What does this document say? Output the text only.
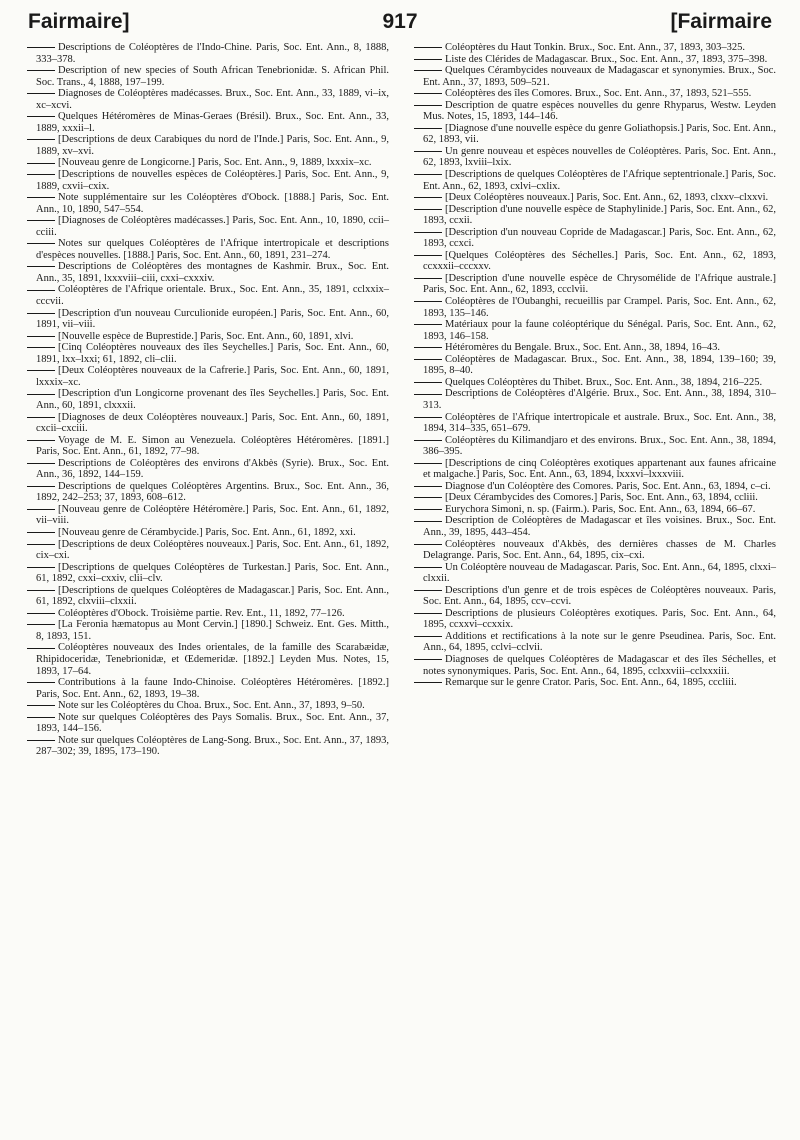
Fairmaire]	917	[Fairmaire

Descriptions de Coléoptères de l'Indo-Chine. Paris, Soc. Ent. Ann., 8, 1888, 333–378.

Description of new species of South African Tenebrionidæ. S. African Phil. Soc. Trans., 4, 1888, 197–199.

Diagnoses de Coléoptères madécasses. Brux., Soc. Ent. Ann., 33, 1889, vi–ix, xc–xcvi.

Quelques Hétéromères de Minas-Geraes (Brésil). Brux., Soc. Ent. Ann., 33, 1889, xxxii–l.

[Descriptions de deux Carabiques du nord de l'Inde.] Paris, Soc. Ent. Ann., 9, 1889, xv–xvi.

[Nouveau genre de Longicorne.] Paris, Soc. Ent. Ann., 9, 1889, lxxxix–xc.

[Descriptions de nouvelles espèces de Coléoptères.] Paris, Soc. Ent. Ann., 9, 1889, cxvii–cxix.

Note supplémentaire sur les Coléoptères d'Obock. [1888.] Paris, Soc. Ent. Ann., 10, 1890, 547–554.

[Diagnoses de Coléoptères madécasses.] Paris, Soc. Ent. Ann., 10, 1890, ccii–cciii.

Notes sur quelques Coléoptères de l'Afrique intertropicale et descriptions d'espèces nouvelles. [1888.] Paris, Soc. Ent. Ann., 60, 1891, 231–274.

Descriptions de Coléoptères des montagnes de Kashmir. Brux., Soc. Ent. Ann., 35, 1891, lxxxviii–ciii, cxxi–cxxxiv.

Coléoptères de l'Afrique orientale. Brux., Soc. Ent. Ann., 35, 1891, cclxxix–cccvii.

[Description d'un nouveau Curculionide européen.] Paris, Soc. Ent. Ann., 60, 1891, vii–viii.

[Nouvelle espèce de Buprestide.] Paris, Soc. Ent. Ann., 60, 1891, xlvi.

[Cinq Coléoptères nouveaux des îles Seychelles.] Paris, Soc. Ent. Ann., 60, 1891, lxx–lxxi; 61, 1892, cli–clii.

[Deux Coléoptères nouveaux de la Cafrerie.] Paris, Soc. Ent. Ann., 60, 1891, lxxxix–xc.

[Description d'un Longicorne provenant des îles Seychelles.] Paris, Soc. Ent. Ann., 60, 1891, clxxxii.

[Diagnoses de deux Coléoptères nouveaux.] Paris, Soc. Ent. Ann., 60, 1891, cxcii–cxciii.

Voyage de M. E. Simon au Venezuela. Coléoptères Hétéromères. [1891.] Paris, Soc. Ent. Ann., 61, 1892, 77–98.

Descriptions de Coléoptères des environs d'Akbès (Syrie). Brux., Soc. Ent. Ann., 36, 1892, 144–159.

Descriptions de quelques Coléoptères Argentins. Brux., Soc. Ent. Ann., 36, 1892, 242–253; 37, 1893, 608–612.

[Nouveau genre de Coléoptère Hétéromère.] Paris, Soc. Ent. Ann., 61, 1892, vii–viii.

[Nouveau genre de Cérambycide.] Paris, Soc. Ent. Ann., 61, 1892, xxi.

[Descriptions de deux Coléoptères nouveaux.] Paris, Soc. Ent. Ann., 61, 1892, cix–cxi.

[Descriptions de quelques Coléoptères de Turkestan.] Paris, Soc. Ent. Ann., 61, 1892, cxxi–cxxiv, clii–clv.

[Descriptions de quelques Coléoptères de Madagascar.] Paris, Soc. Ent. Ann., 61, 1892, clxviii–clxxii.

Coléoptères d'Obock. Troisième partie. Rev. Ent., 11, 1892, 77–126.

[La Feronia hæmatopus au Mont Cervin.] [1890.] Schweiz. Ent. Ges. Mitth., 8, 1893, 151.

Coléoptères nouveaux des Indes orientales, de la famille des Scarabæidæ, Rhipidoceridæ, Tenebrionidæ, et Œdemeridæ. [1892.] Leyden Mus. Notes, 15, 1893, 17–64.

Contributions à la faune Indo-Chinoise. Coléoptères Hétéromères. [1892.] Paris, Soc. Ent. Ann., 62, 1893, 19–38.

Note sur les Coléoptères du Choa. Brux., Soc. Ent. Ann., 37, 1893, 9–50.

Note sur quelques Coléoptères des Pays Somalis. Brux., Soc. Ent. Ann., 37, 1893, 144–156.

Note sur quelques Coléoptères de Lang-Song. Brux., Soc. Ent. Ann., 37, 1893, 287–302; 39, 1895, 173–190.

Coléoptères du Haut Tonkin. Brux., Soc. Ent. Ann., 37, 1893, 303–325.

Liste des Clérides de Madagascar. Brux., Soc. Ent. Ann., 37, 1893, 375–398.

Quelques Cérambycides nouveaux de Madagascar et synonymies. Brux., Soc. Ent. Ann., 37, 1893, 509–521.

Coléoptères des îles Comores. Brux., Soc. Ent. Ann., 37, 1893, 521–555.

Description de quatre espèces nouvelles du genre Rhyparus, Westw. Leyden Mus. Notes, 15, 1893, 144–146.

[Diagnose d'une nouvelle espèce du genre Goliathopsis.] Paris, Soc. Ent. Ann., 62, 1893, vii.

Un genre nouveau et espèces nouvelles de Coléoptères. Paris, Soc. Ent. Ann., 62, 1893, lxviii–lxix.

[Descriptions de quelques Coléoptères de l'Afrique septentrionale.] Paris, Soc. Ent. Ann., 62, 1893, cxlvi–cxlix.

[Deux Coléoptères nouveaux.] Paris, Soc. Ent. Ann., 62, 1893, clxxv–clxxvi.

[Description d'une nouvelle espèce de Staphylinide.] Paris, Soc. Ent. Ann., 62, 1893, ccxii.

[Description d'un nouveau Copride de Madagascar.] Paris, Soc. Ent. Ann., 62, 1893, ccxci.

[Quelques Coléoptères des Séchelles.] Paris, Soc. Ent. Ann., 62, 1893, ccxxxii–cccxxv.

[Description d'une nouvelle espèce de Chrysomélide de l'Afrique australe.] Paris, Soc. Ent. Ann., 62, 1893, ccclvii.

Coléoptères de l'Oubanghi, recueillis par Crampel. Paris, Soc. Ent. Ann., 62, 1893, 135–146.

Matériaux pour la faune coléoptérique du Sénégal. Paris, Soc. Ent. Ann., 62, 1893, 146–158.

Hétéromères du Bengale. Brux., Soc. Ent. Ann., 38, 1894, 16–43.

Coléoptères de Madagascar. Brux., Soc. Ent. Ann., 38, 1894, 139–160; 39, 1895, 8–40.

Quelques Coléoptères du Thibet. Brux., Soc. Ent. Ann., 38, 1894, 216–225.

Descriptions de Coléoptères d'Algérie. Brux., Soc. Ent. Ann., 38, 1894, 310–313.

Coléoptères de l'Afrique intertropicale et australe. Brux., Soc. Ent. Ann., 38, 1894, 314–335, 651–679.

Coléoptères du Kilimandjaro et des environs. Brux., Soc. Ent. Ann., 38, 1894, 386–395.

[Descriptions de cinq Coléoptères exotiques appartenant aux faunes africaine et malgache.] Paris, Soc. Ent. Ann., 63, 1894, lxxxvi–lxxxviii.

Diagnose d'un Coléoptère des Comores. Paris, Soc. Ent. Ann., 63, 1894, c–ci.

[Deux Cérambycides des Comores.] Paris, Soc. Ent. Ann., 63, 1894, ccliii.

Eurychora Simoni, n. sp. (Fairm.). Paris, Soc. Ent. Ann., 63, 1894, 66–67.

Description de Coléoptères de Madagascar et îles voisines. Brux., Soc. Ent. Ann., 39, 1895, 443–454.

Coléoptères nouveaux d'Akbès, des dernières chasses de M. Charles Delagrange. Paris, Soc. Ent. Ann., 64, 1895, cix–cxi.

Un Coléoptère nouveau de Madagascar. Paris, Soc. Ent. Ann., 64, 1895, clxxi–clxxii.

Descriptions d'un genre et de trois espèces de Coléoptères nouveaux. Paris, Soc. Ent. Ann., 64, 1895, ccv–ccvi.

Descriptions de plusieurs Coléoptères exotiques. Paris, Soc. Ent. Ann., 64, 1895, ccxxvi–ccxxix.

Additions et rectifications à la note sur le genre Pseudinea. Paris, Soc. Ent. Ann., 64, 1895, cclvi–cclvii.

Diagnoses de quelques Coléoptères de Madagascar et des îles Séchelles, et notes synonymiques. Paris, Soc. Ent. Ann., 64, 1895, cclxxviii–cclxxxiii.

Remarque sur le genre Crator. Paris, Soc. Ent. Ann., 64, 1895, cccliii.
